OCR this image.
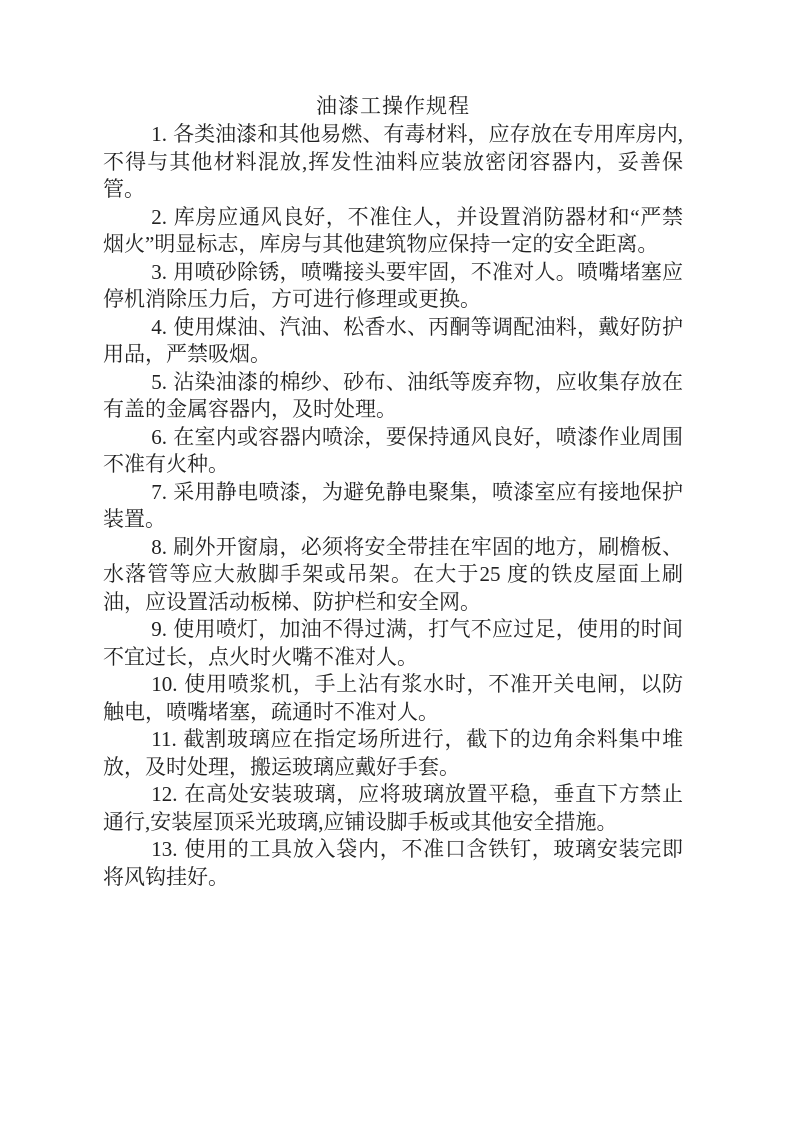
油漆工操作规程

1. 各类油漆和其他易燃、有毒材料，应存放在专用库房内,不得与其他材料混放,挥发性油料应装放密闭容器内，妥善保管。

2. 库房应通风良好，不准住人，并设置消防器材和“严禁烟火”明显标志，库房与其他建筑物应保持一定的安全距离。

3. 用喷砂除锈，喷嘴接头要牢固，不准对人。喷嘴堵塞应停机消除压力后，方可进行修理或更换。

4. 使用煤油、汽油、松香水、丙酮等调配油料，戴好防护用品，严禁吸烟。

5. 沾染油漆的棉纱、砂布、油纸等废弃物，应收集存放在有盖的金属容器内，及时处理。

6. 在室内或容器内喷涂，要保持通风良好，喷漆作业周围不准有火种。

7. 采用静电喷漆，为避免静电聚集，喷漆室应有接地保护装置。

8. 刷外开窗扇，必须将安全带挂在牢固的地方，刷檐板、水落管等应大赦脚手架或吊架。在大于25 度的铁皮屋面上刷油，应设置活动板梯、防护栏和安全网。

9. 使用喷灯，加油不得过满，打气不应过足，使用的时间不宜过长，点火时火嘴不准对人。

10. 使用喷浆机，手上沾有浆水时，不准开关电闸，以防触电，喷嘴堵塞，疏通时不准对人。

11. 截割玻璃应在指定场所进行，截下的边角余料集中堆放，及时处理，搬运玻璃应戴好手套。

12. 在高处安装玻璃，应将玻璃放置平稳，垂直下方禁止通行,安装屋顶采光玻璃,应铺设脚手板或其他安全措施。

13. 使用的工具放入袋内，不准口含铁钉，玻璃安装完即将风钩挂好。
